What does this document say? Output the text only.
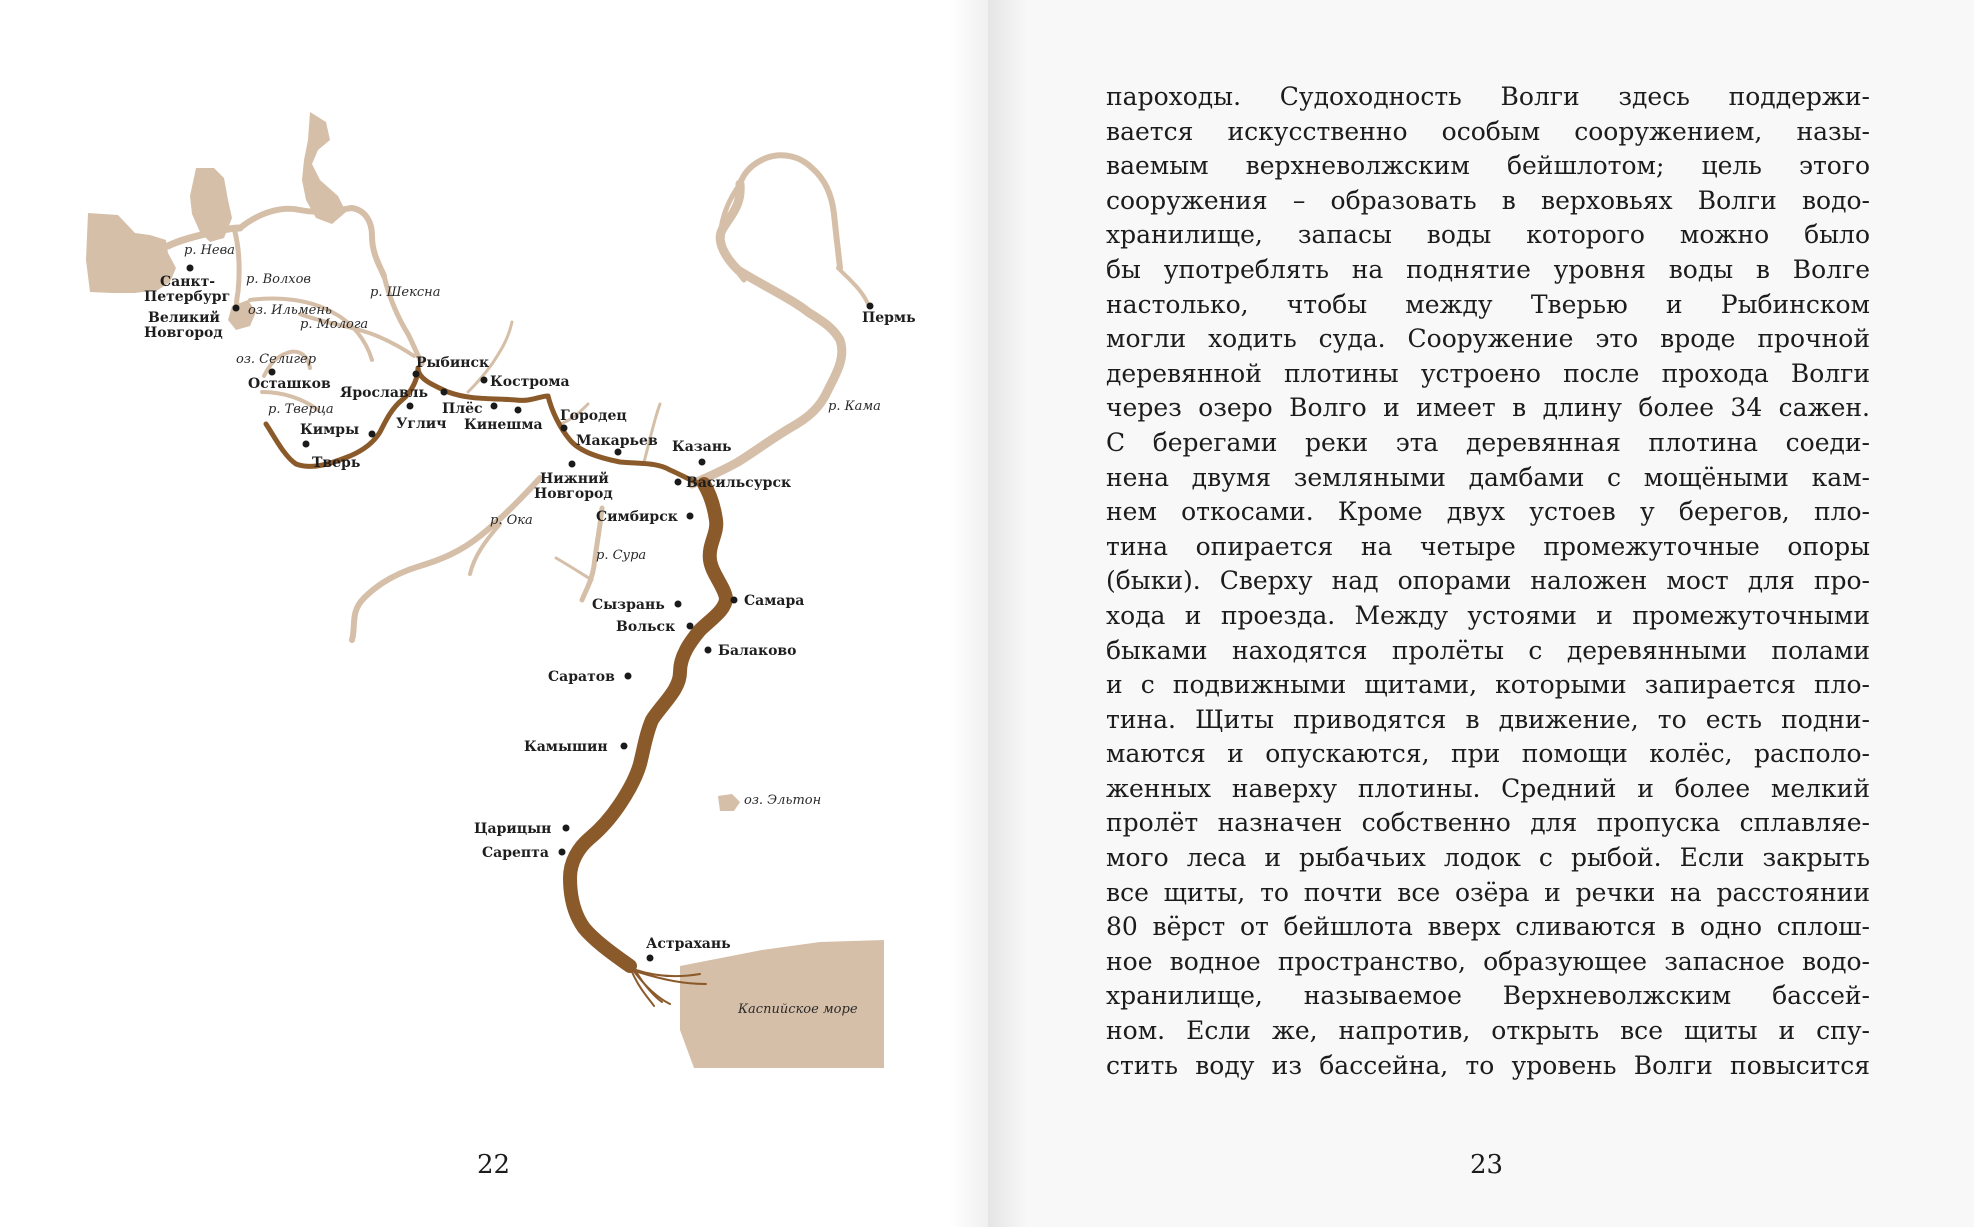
Санкт-Петербург
Великий Новгород
Осташков
Рыбинск
Ярославль
Кострома
Плёс
Кинешма
Углич
Кимры
Тверь
Городец
Макарьев Казань
Нижний Новгород
Васильсурск
Симбирск
Пермь
Сызрань	Самара
Вольск
Балаково
Саратов
Камышин
Царицын
Сарепта
Астрахань
р. Нева
р. Волхов
оз. Ильмень
р. Шексна
р. Молога
оз. Селигер
р. Тверца	р. Кама
р. Ока
р. Сура
оз. Эльтон
Каспийское море
22
пароходы. Судоходность Волги здесь поддержи-
вается искусственно особым сооружением, назы-
ваемым верхневолжским бейшлотом; цель этого
сооружения – образовать в верховьях Волги водо-
хранилище, запасы воды которого можно было
бы употреблять на поднятие уровня воды в Волге
настолько, чтобы между Тверью и Рыбинском
могли ходить суда. Сооружение это вроде прочной
деревянной плотины устроено после прохода Волги
через озеро Волго и имеет в длину более 34 сажен.
С берегами реки эта деревянная плотина соеди-
нена двумя земляными дамбами с мощёными кам-
нем откосами. Кроме двух устоев у берегов, пло-
тина опирается на четыре промежуточные опоры
(быки). Сверху над опорами наложен мост для про-
хода и проезда. Между устоями и промежуточными
быками находятся пролёты с деревянными полами
и с подвижными щитами, которыми запирается пло-
тина. Щиты приводятся в движение, то есть подни-
маются и опускаются, при помощи колёс, располо-
женных наверху плотины. Средний и более мелкий
пролёт назначен собственно для пропуска сплавляе-
мого леса и рыбачьих лодок с рыбой. Если закрыть
все щиты, то почти все озёра и речки на расстоянии
80 вёрст от бейшлота вверх сливаются в одно сплош-
ное водное пространство, образующее запасное водо-
хранилище, называемое Верхневолжским бассей-
ном. Если же, напротив, открыть все щиты и спу-
стить воду из бассейна, то уровень Волги повысится
23
